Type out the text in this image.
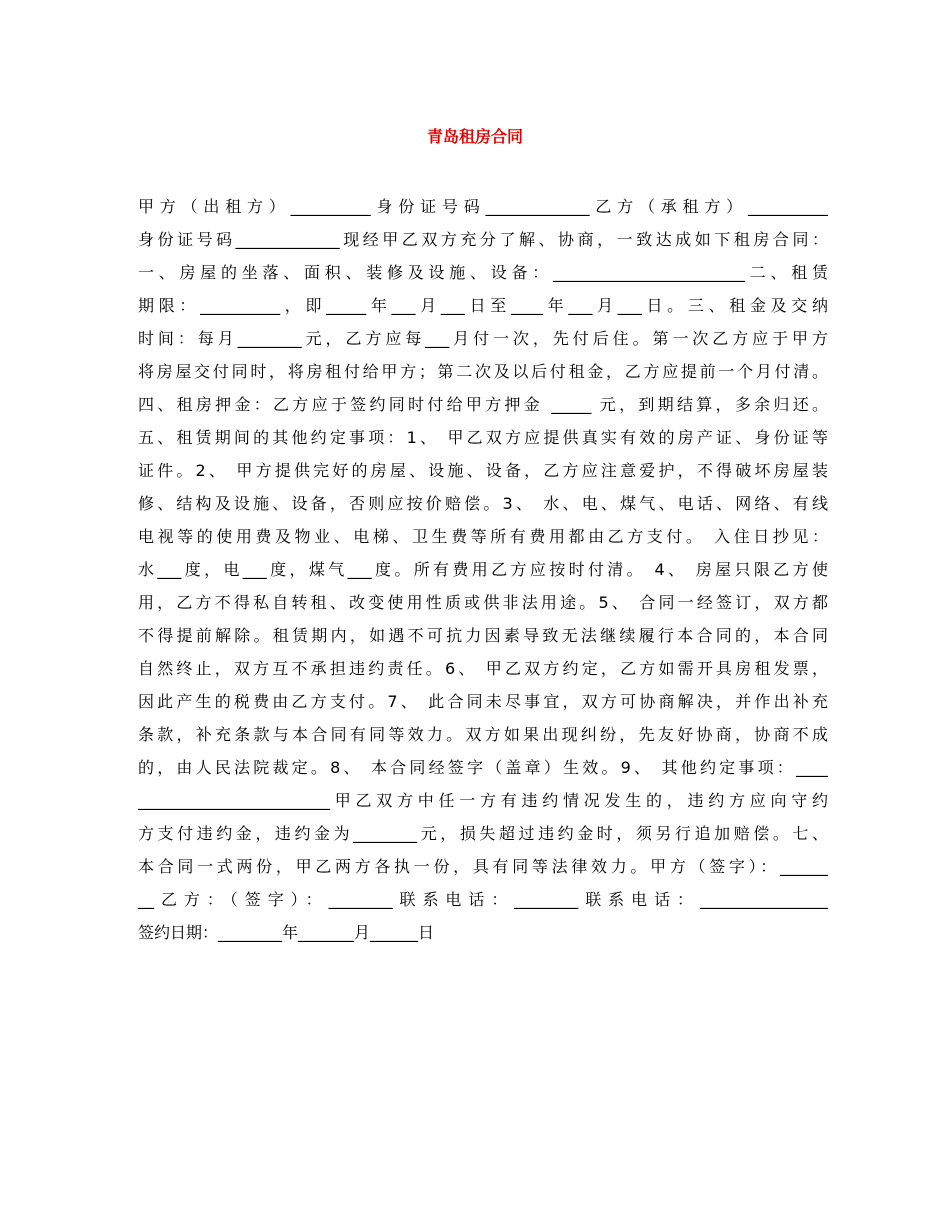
青岛租房合同
甲方（出租方）__________身份证号码_____________乙方（承租方）__________
身份证号码_____________现经甲乙双方充分了解、协商，一致达成如下租房合同：
一、房屋的坐落、面积、装修及设施、设备：________________________二、租赁
期限：__________，即_____年___月___日至____年___月___日。三、租金及交纳
时间：每月________元，乙方应每___月付一次，先付后住。第一次乙方应于甲方
将房屋交付同时，将房租付给甲方；第二次及以后付租金，乙方应提前一个月付清。
四、租房押金：乙方应于签约同时付给甲方押金 _____ 元，到期结算，多余归还。
五、租赁期间的其他约定事项：1、 甲乙双方应提供真实有效的房产证、身份证等
证件。2、 甲方提供完好的房屋、设施、设备，乙方应注意爱护，不得破坏房屋装
修、结构及设施、设备，否则应按价赔偿。3、 水、电、煤气、电话、网络、有线
电视等的使用费及物业、电梯、卫生费等所有费用都由乙方支付。 入住日抄见：
水___度，电___度，煤气___度。所有费用乙方应按时付清。 4、 房屋只限乙方使
用，乙方不得私自转租、改变使用性质或供非法用途。5、 合同一经签订，双方都
不得提前解除。租赁期内，如遇不可抗力因素导致无法继续履行本合同的，本合同
自然终止，双方互不承担违约责任。6、 甲乙双方约定，乙方如需开具房租发票，
因此产生的税费由乙方支付。7、 此合同未尽事宜，双方可协商解决，并作出补充
条款，补充条款与本合同有同等效力。双方如果出现纠纷，先友好协商，协商不成
的，由人民法院裁定。8、 本合同经签字（盖章）生效。9、 其他约定事项：____
________________________甲乙双方中任一方有违约情况发生的，违约方应向守约
方支付违约金，违约金为________元，损失超过违约金时，须另行追加赔偿。七、
本合同一式两份，甲乙两方各执一份，具有同等法律效力。甲方（签字）：______
__乙方：（签字）：________联系电话：________联系电话：________________
签约日期：________年_______月______日
